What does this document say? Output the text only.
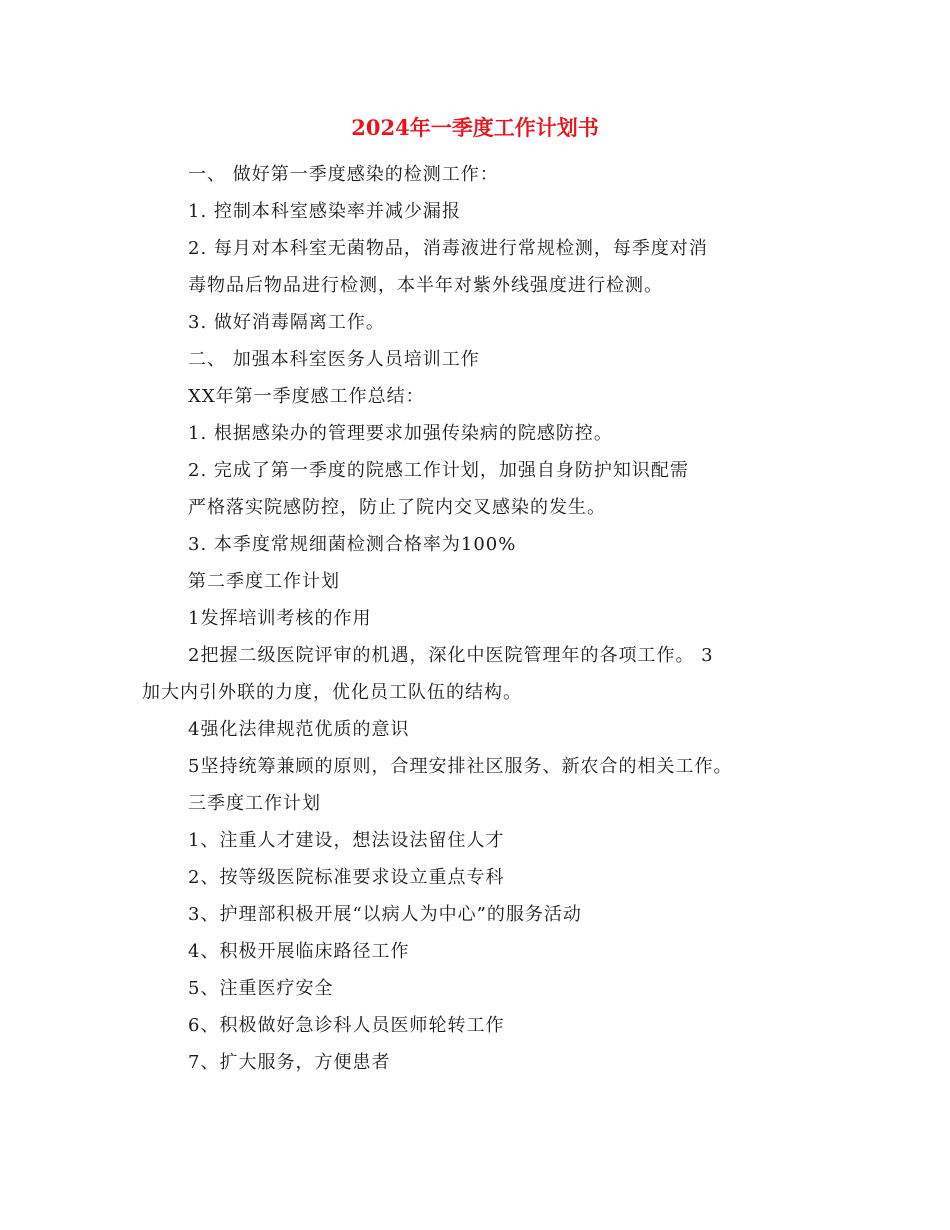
2024年一季度工作计划书
一、 做好第一季度感染的检测工作：
1. 控制本科室感染率并减少漏报
2. 每月对本科室无菌物品，消毒液进行常规检测，每季度对消
毒物品后物品进行检测，本半年对紫外线强度进行检测。
3. 做好消毒隔离工作。
二、 加强本科室医务人员培训工作
XX年第一季度感工作总结：
1. 根据感染办的管理要求加强传染病的院感防控。
2. 完成了第一季度的院感工作计划，加强自身防护知识配需
严格落实院感防控，防止了院内交叉感染的发生。
3. 本季度常规细菌检测合格率为100%
第二季度工作计划
1发挥培训考核的作用
2把握二级医院评审的机遇，深化中医院管理年的各项工作。 3
加大内引外联的力度，优化员工队伍的结构。
4强化法律规范优质的意识
5坚持统筹兼顾的原则，合理安排社区服务、新农合的相关工作。
三季度工作计划
1、注重人才建设，想法设法留住人才
2、按等级医院标准要求设立重点专科
3、护理部积极开展“以病人为中心”的服务活动
4、积极开展临床路径工作
5、注重医疗安全
6、积极做好急诊科人员医师轮转工作
7、扩大服务，方便患者
